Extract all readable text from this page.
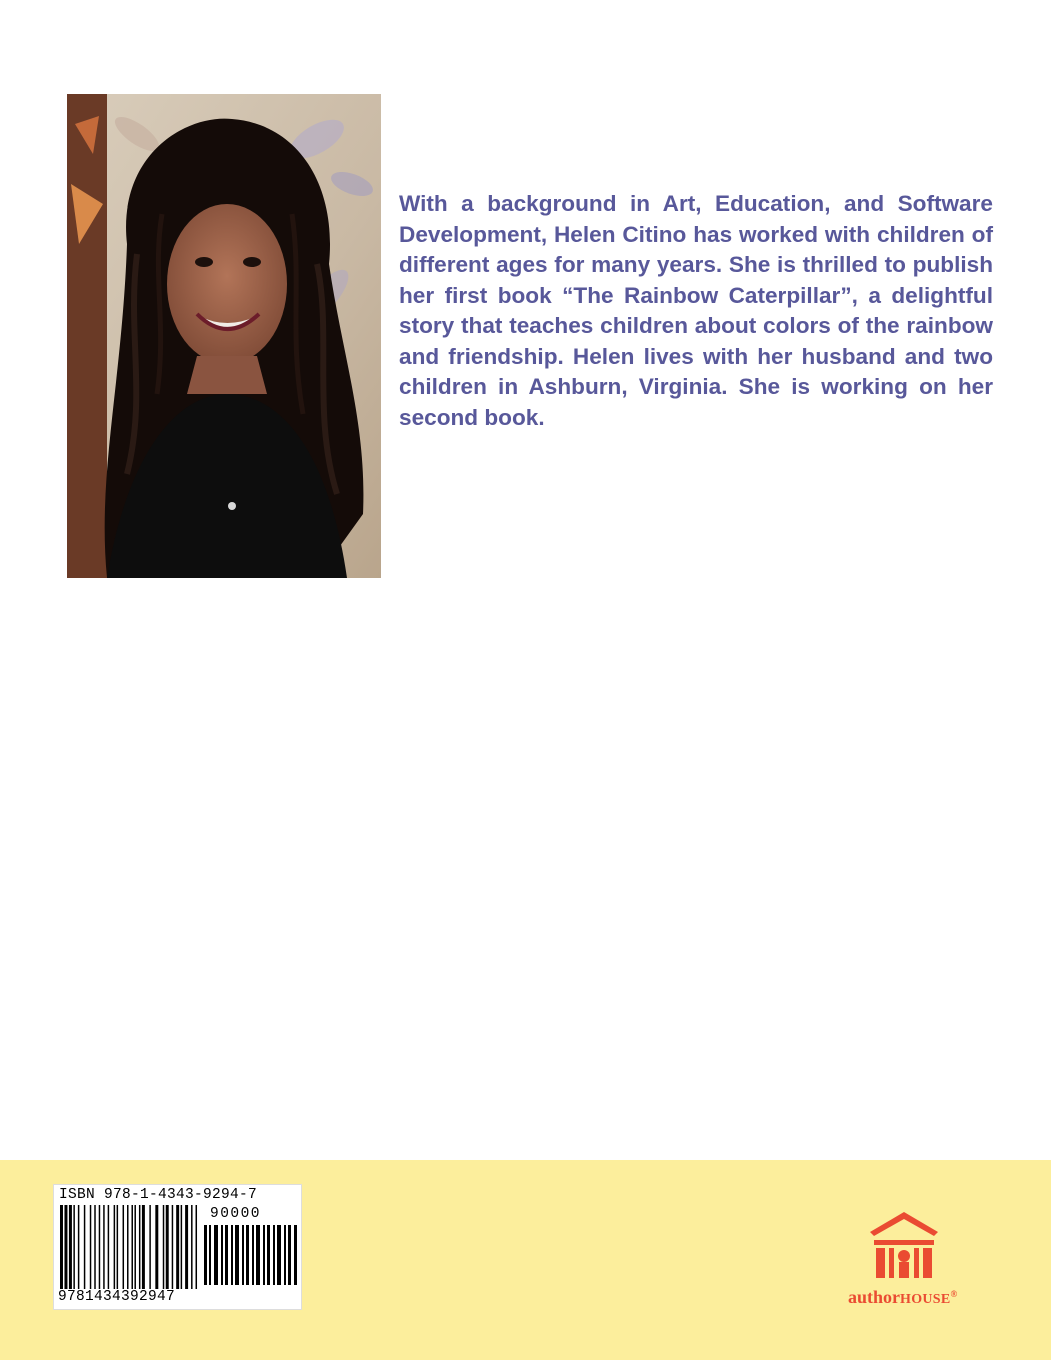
With a background in Art, Education, and Software Development, Helen Citino has worked with children of different ages for many years. She is thrilled to publish her first book “The Rainbow Caterpillar”, a delightful story that teaches children about colors of the rainbow and friendship. Helen lives with her husband and two children in Ashburn, Virginia. She is working on her second book.

ISBN 978-1-4343-9294-7
90000
9781434392947	authorHOUSE®
